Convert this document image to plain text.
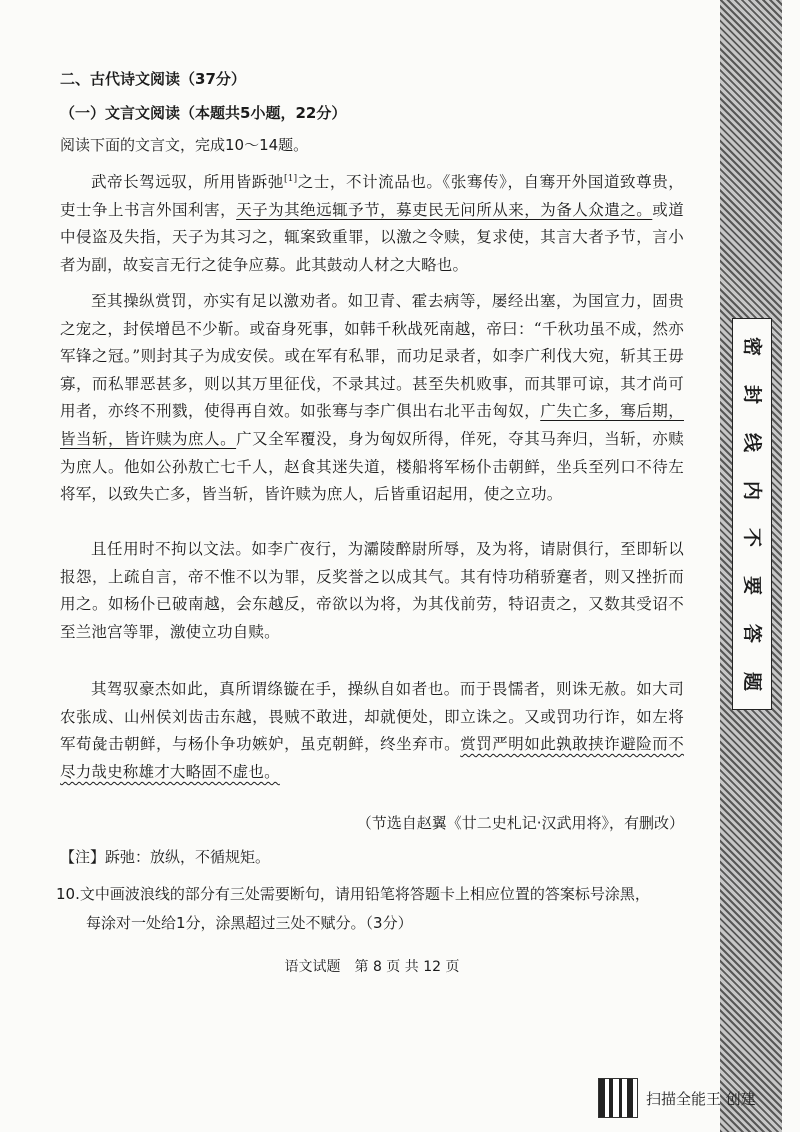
密
封
线
内
不
要
答
题

二、古代诗文阅读（37分）

（一）文言文阅读（本题共5小题，22分）

阅读下面的文言文，完成10～14题。

武帝长驾远驭，所用皆跅弛[1]之士，不计流品也。《张骞传》，自骞开外国道致尊贵，吏士争上书言外国利害，天子为其绝远辄予节，募吏民无问所从来，为备人众遣之。或道中侵盗及失指，天子为其习之，辄案致重罪，以激之令赎，复求使，其言大者予节，言小者为副，故妄言无行之徒争应募。此其鼓动人材之大略也。

至其操纵赏罚，亦实有足以激劝者。如卫青、霍去病等，屡经出塞，为国宣力，固贵之宠之，封侯增邑不少靳。或奋身死事，如韩千秋战死南越，帝曰：“千秋功虽不成，然亦军锋之冠。”则封其子为成安侯。或在军有私罪，而功足录者，如李广利伐大宛，斩其王毋寡，而私罪恶甚多，则以其万里征伐，不录其过。甚至失机败事，而其罪可谅，其才尚可用者，亦终不刑戮，使得再自效。如张骞与李广俱出右北平击匈奴，广失亡多，骞后期，皆当斩，皆许赎为庶人。广又全军覆没，身为匈奴所得，佯死，夺其马奔归，当斩，亦赎为庶人。他如公孙敖亡七千人，赵食其迷失道，楼船将军杨仆击朝鲜，坐兵至列口不待左将军，以致失亡多，皆当斩，皆许赎为庶人，后皆重诏起用，使之立功。

且任用时不拘以文法。如李广夜行，为灞陵醉尉所辱，及为将，请尉俱行，至即斩以报怨，上疏自言，帝不惟不以为罪，反奖誉之以成其气。其有恃功稍骄蹇者，则又挫折而用之。如杨仆已破南越，会东越反，帝欲以为将，为其伐前劳，特诏责之，又数其受诏不至兰池宫等罪，激使立功自赎。

其驾驭豪杰如此，真所谓绦镟在手，操纵自如者也。而于畏懦者，则诛无赦。如大司农张成、山州侯刘齿击东越，畏贼不敢进，却就便处，即立诛之。又或罚功行诈，如左将军荀彘击朝鲜，与杨仆争功嫉妒，虽克朝鲜，终坐弃市。赏罚严明如此孰敢挟诈避险而不尽力哉史称雄才大略固不虚也。

（节选自赵翼《廿二史札记·汉武用将》，有删改）

【注】跅弛：放纵，不循规矩。

10.文中画波浪线的部分有三处需要断句，请用铅笔将答题卡上相应位置的答案标号涂黑，
每涂对一处给1分，涂黑超过三处不赋分。（3分）

语文试题　第 8 页 共 12 页

扫描全能王 创建
